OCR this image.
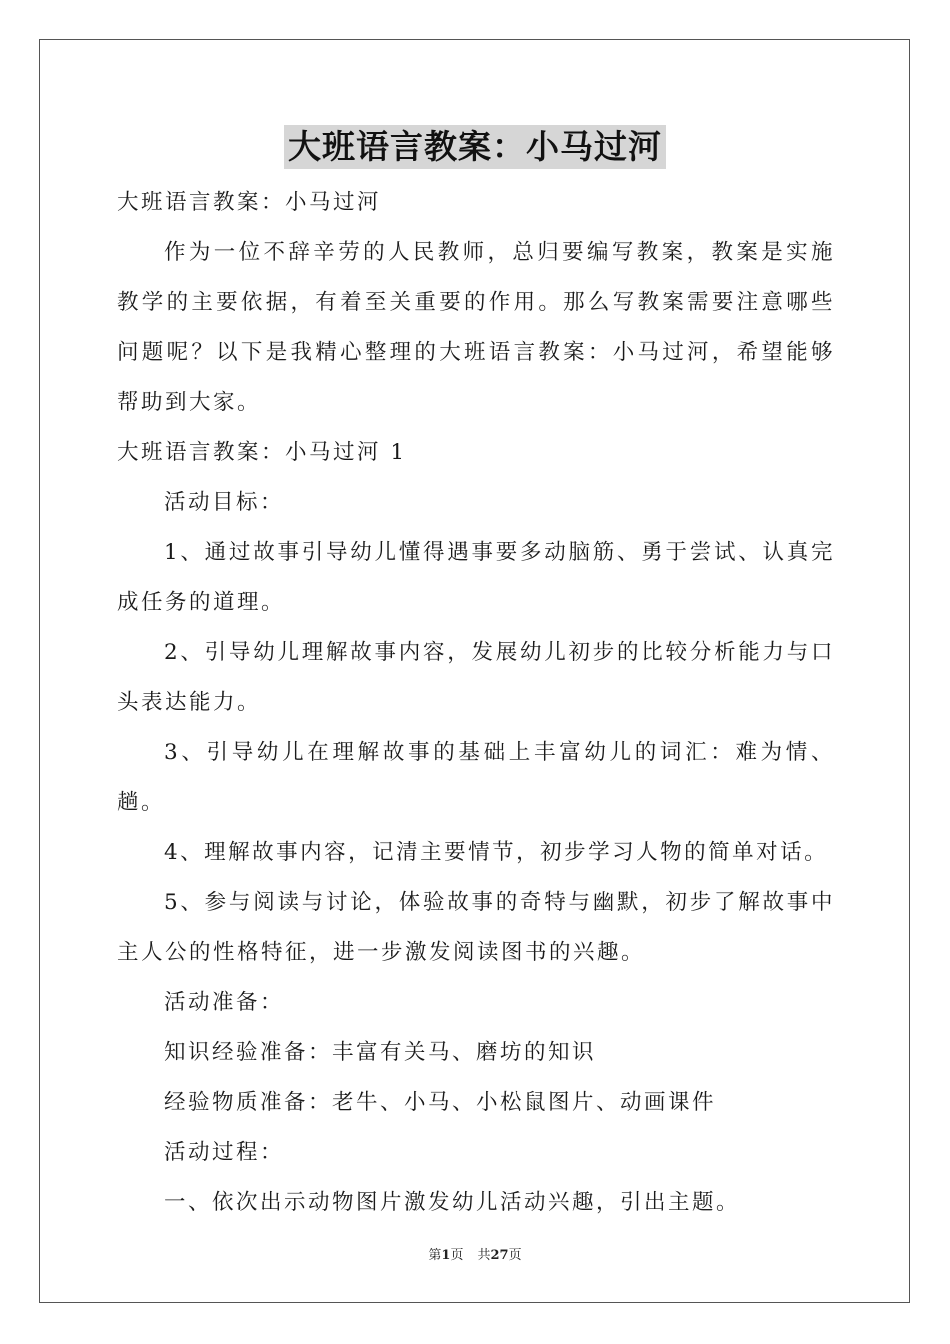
大班语言教案：小马过河

大班语言教案：小马过河

作为一位不辞辛劳的人民教师，总归要编写教案，教案是实施教学的主要依据，有着至关重要的作用。那么写教案需要注意哪些问题呢？以下是我精心整理的大班语言教案：小马过河，希望能够帮助到大家。

大班语言教案：小马过河 1

活动目标：

1、通过故事引导幼儿懂得遇事要多动脑筋、勇于尝试、认真完成任务的道理。

2、引导幼儿理解故事内容，发展幼儿初步的比较分析能力与口头表达能力。

3、引导幼儿在理解故事的基础上丰富幼儿的词汇：难为情、趟。

4、理解故事内容，记清主要情节，初步学习人物的简单对话。

5、参与阅读与讨论，体验故事的奇特与幽默，初步了解故事中主人公的性格特征，进一步激发阅读图书的兴趣。

活动准备：

知识经验准备：丰富有关马、磨坊的知识

经验物质准备：老牛、小马、小松鼠图片、动画课件

活动过程：

一、依次出示动物图片激发幼儿活动兴趣，引出主题。

第1页 共27页
